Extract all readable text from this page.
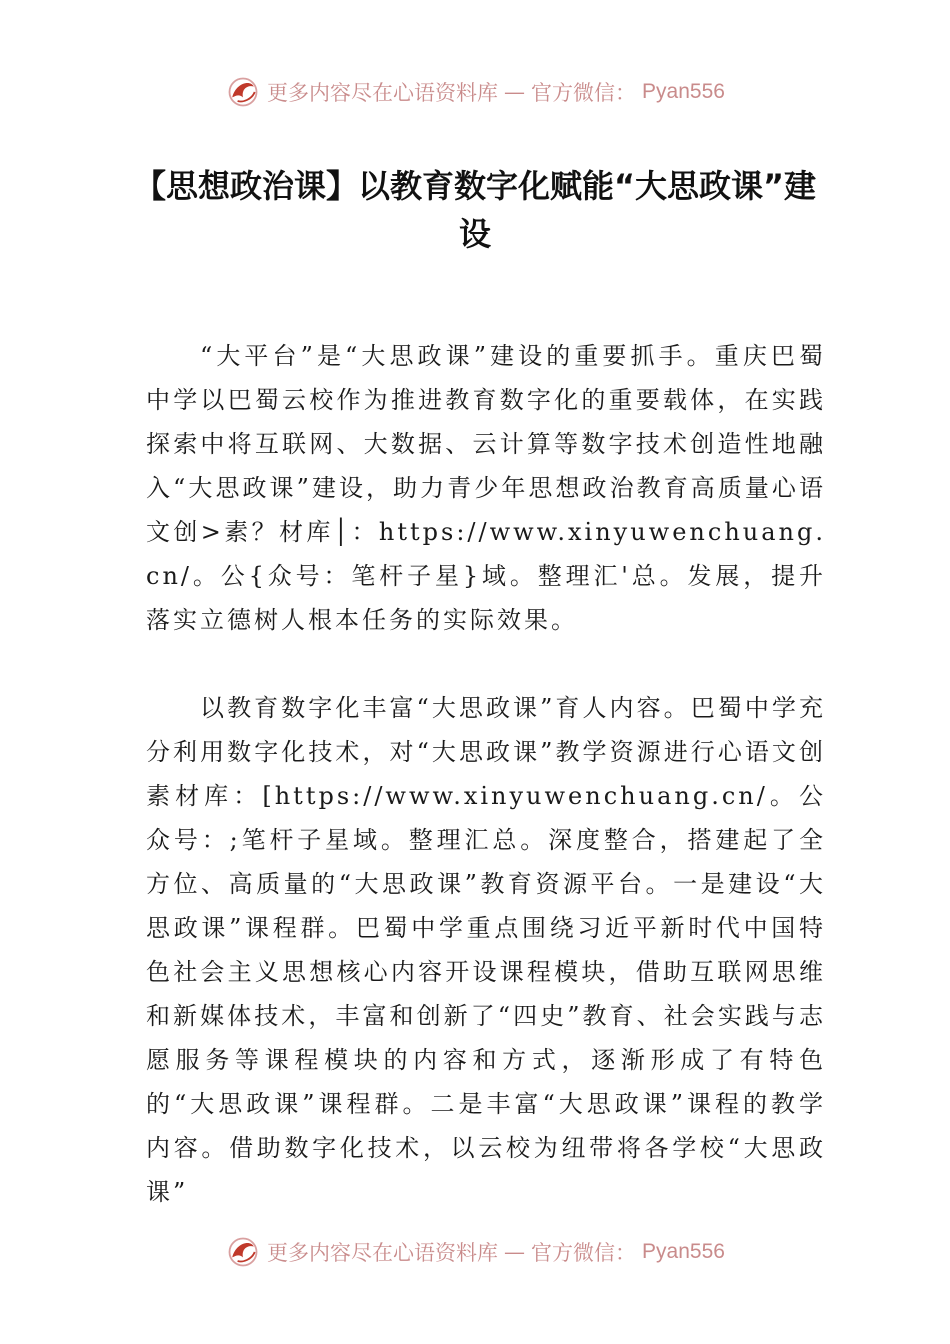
更多内容尽在心语资料库 — 官方微信： Pyan556
【思想政治课】以教育数字化赋能“大思政课”建设

“大平台”是“大思政课”建设的重要抓手。重庆巴蜀中学以巴蜀云校作为推进教育数字化的重要载体，在实践探索中将互联网、大数据、云计算等数字技术创造性地融入“大思政课”建设，助力青少年思想政治教育高质量心语文创>素？材库│：https://www.xinyuwenchuang.cn/。公{众号：笔杆子星}域。整理汇'总。发展，提升落实立德树人根本任务的实际效果。

以教育数字化丰富“大思政课”育人内容。巴蜀中学充分利用数字化技术，对“大思政课”教学资源进行心语文创素材库：[https://www.xinyuwenchuang.cn/。公众号：;笔杆子星域。整理汇总。深度整合，搭建起了全方位、高质量的“大思政课”教育资源平台。一是建设“大思政课”课程群。巴蜀中学重点围绕习近平新时代中国特色社会主义思想核心内容开设课程模块，借助互联网思维和新媒体技术，丰富和创新了“四史”教育、社会实践与志愿服务等课程模块的内容和方式，逐渐形成了有特色的“大思政课”课程群。二是丰富“大思政课”课程的教学内容。借助数字化技术，以云校为纽带将各学校“大思政课”

更多内容尽在心语资料库 — 官方微信： Pyan556
